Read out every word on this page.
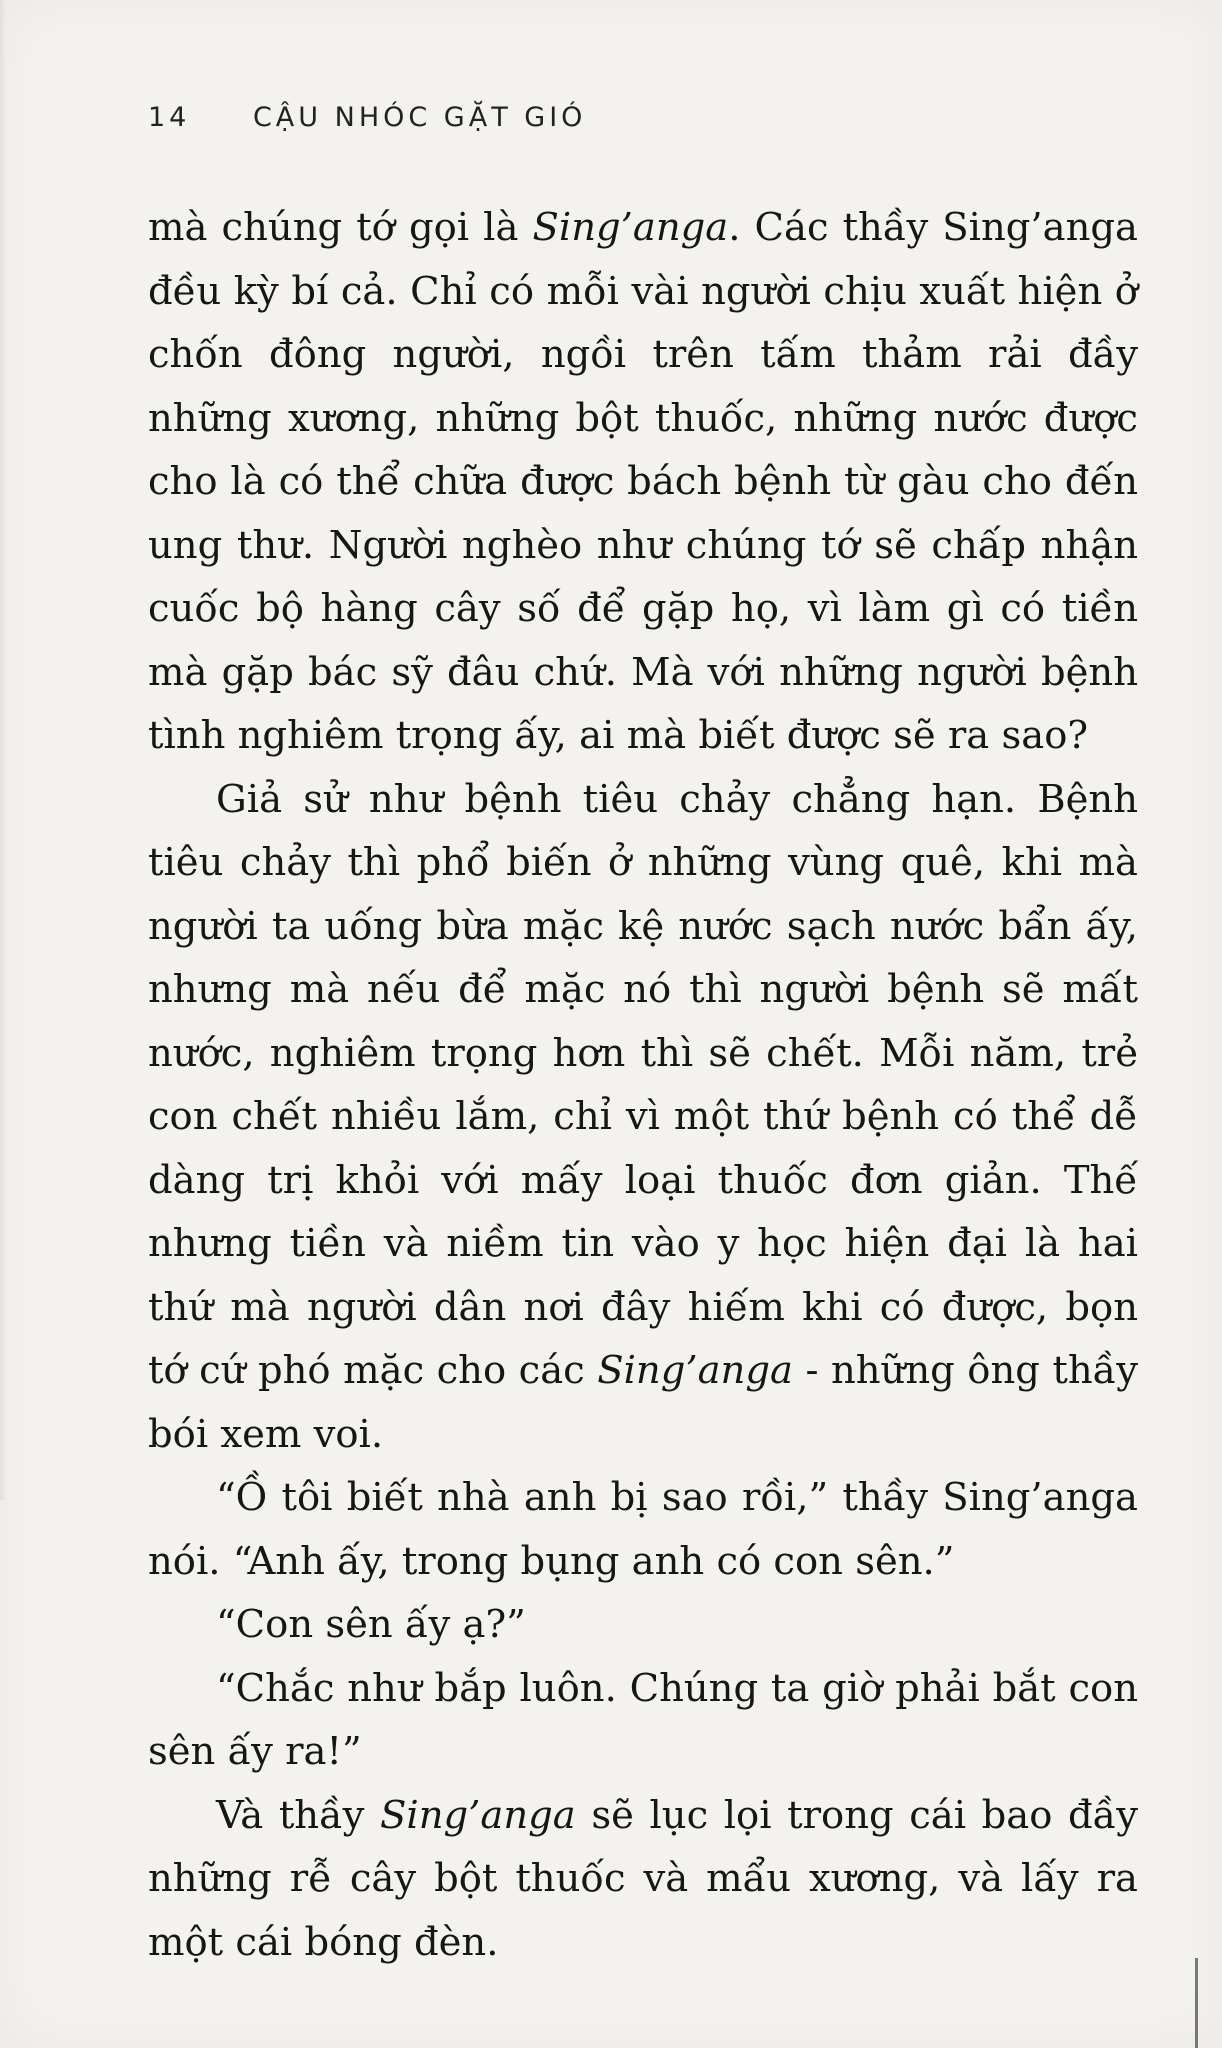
14 CẬU NHÓC GẶT GIÓ

mà chúng tớ gọi là Sing’anga. Các thầy Sing’anga đều kỳ bí cả. Chỉ có mỗi vài người chịu xuất hiện ở chốn đông người, ngồi trên tấm thảm rải đầy những xương, những bột thuốc, những nước được cho là có thể chữa được bách bệnh từ gàu cho đến ung thư. Người nghèo như chúng tớ sẽ chấp nhận cuốc bộ hàng cây số để gặp họ, vì làm gì có tiền mà gặp bác sỹ đâu chứ. Mà với những người bệnh tình nghiêm trọng ấy, ai mà biết được sẽ ra sao?

Giả sử như bệnh tiêu chảy chẳng hạn. Bệnh tiêu chảy thì phổ biến ở những vùng quê, khi mà người ta uống bừa mặc kệ nước sạch nước bẩn ấy, nhưng mà nếu để mặc nó thì người bệnh sẽ mất nước, nghiêm trọng hơn thì sẽ chết. Mỗi năm, trẻ con chết nhiều lắm, chỉ vì một thứ bệnh có thể dễ dàng trị khỏi với mấy loại thuốc đơn giản. Thế nhưng tiền và niềm tin vào y học hiện đại là hai thứ mà người dân nơi đây hiếm khi có được, bọn tớ cứ phó mặc cho các Sing’anga - những ông thầy bói xem voi.

“Ồ tôi biết nhà anh bị sao rồi,” thầy Sing’anga nói. “Anh ấy, trong bụng anh có con sên.”

“Con sên ấy ạ?”

“Chắc như bắp luôn. Chúng ta giờ phải bắt con sên ấy ra!”

Và thầy Sing’anga sẽ lục lọi trong cái bao đầy những rễ cây bột thuốc và mẩu xương, và lấy ra một cái bóng đèn.
